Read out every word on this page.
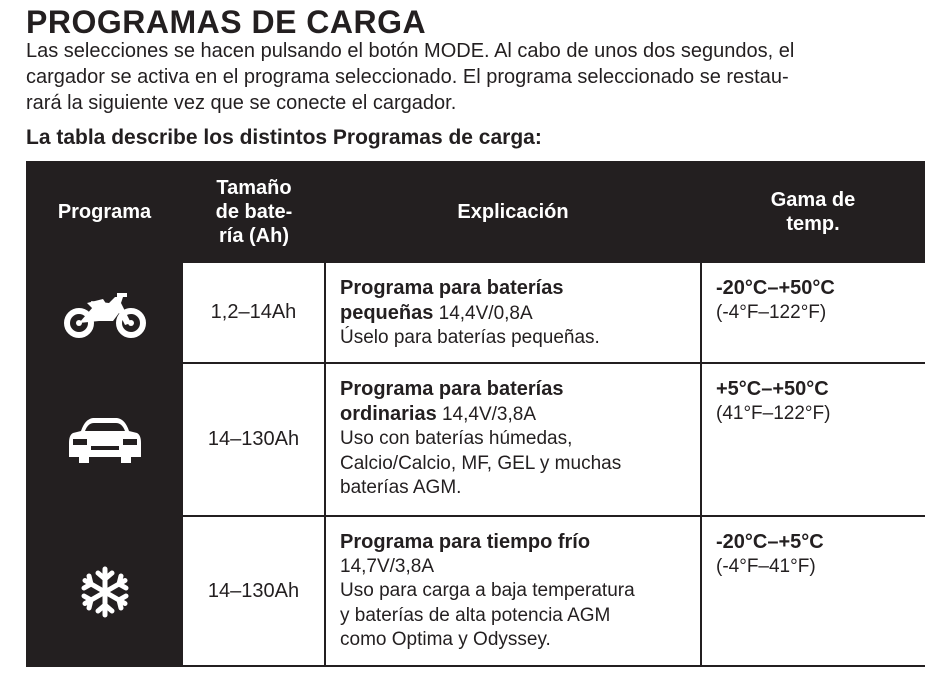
PROGRAMAS DE CARGA
Las selecciones se hacen pulsando el botón MODE. Al cabo de unos dos segundos, el
cargador se activa en el programa seleccionado. El programa seleccionado se restau-
rará la siguiente vez que se conecte el cargador.
La tabla describe los distintos Programas de carga:
Programa
Tamaño
de bate-
ría (Ah)
Explicación
Gama de
temp.
1,2–14Ah
Programa para baterías
pequeñas 14,4V/0,8A
Úselo para baterías pequeñas.
-20°C–+50°C
(-4°F–122°F)
14–130Ah
Programa para baterías
ordinarias 14,4V/3,8A
Uso con baterías húmedas,
Calcio/Calcio, MF, GEL y muchas
baterías AGM.
+5°C–+50°C
(41°F–122°F)
14–130Ah
Programa para tiempo frío
14,7V/3,8A
Uso para carga a baja temperatura
y baterías de alta potencia AGM
como Optima y Odyssey.
-20°C–+5°C
(-4°F–41°F)
